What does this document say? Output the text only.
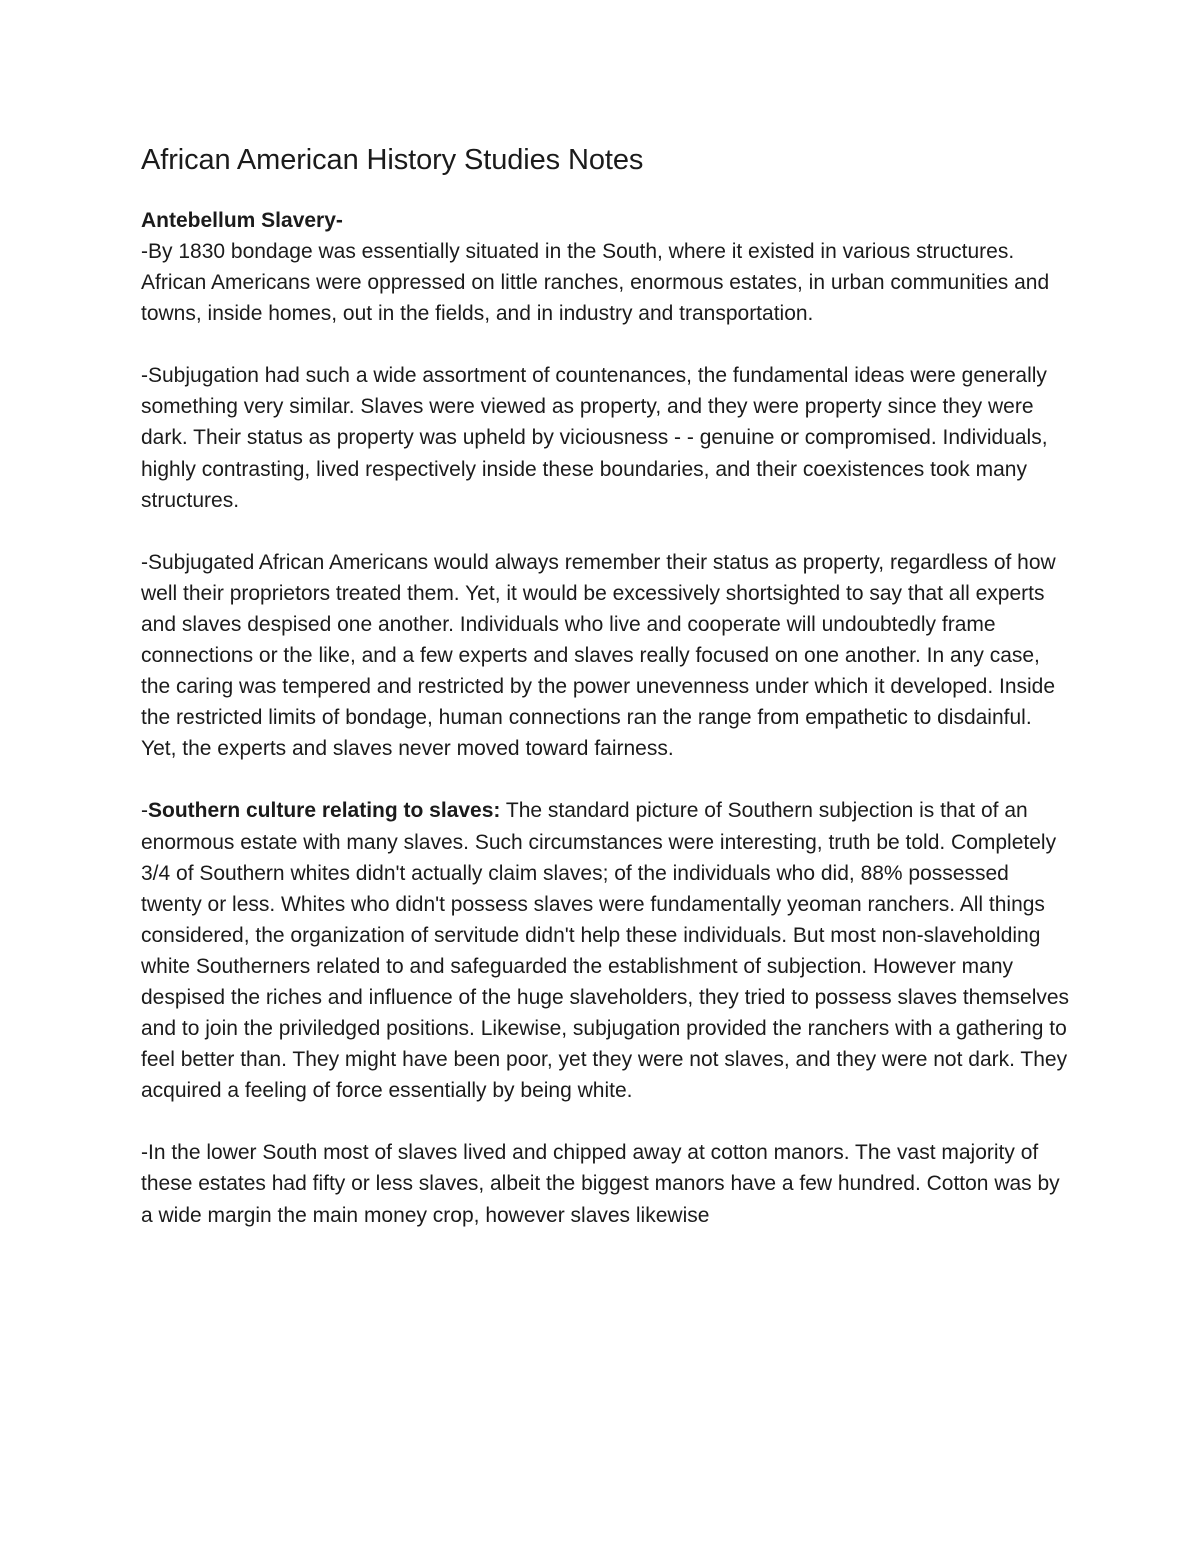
African American History Studies Notes

Antebellum Slavery-

-By 1830 bondage was essentially situated in the South, where it existed in various structures. African Americans were oppressed on little ranches, enormous estates, in urban communities and towns, inside homes, out in the fields, and in industry and transportation.

-Subjugation had such a wide assortment of countenances, the fundamental ideas were generally something very similar. Slaves were viewed as property, and they were property since they were dark. Their status as property was upheld by viciousness - - genuine or compromised. Individuals, highly contrasting, lived respectively inside these boundaries, and their coexistences took many structures.

-Subjugated African Americans would always remember their status as property, regardless of how well their proprietors treated them. Yet, it would be excessively shortsighted to say that all experts and slaves despised one another. Individuals who live and cooperate will undoubtedly frame connections or the like, and a few experts and slaves really focused on one another. In any case, the caring was tempered and restricted by the power unevenness under which it developed. Inside the restricted limits of bondage, human connections ran the range from empathetic to disdainful. Yet, the experts and slaves never moved toward fairness.

-Southern culture relating to slaves: The standard picture of Southern subjection is that of an enormous estate with many slaves. Such circumstances were interesting, truth be told. Completely 3/4 of Southern whites didn't actually claim slaves; of the individuals who did, 88% possessed twenty or less. Whites who didn't possess slaves were fundamentally yeoman ranchers. All things considered, the organization of servitude didn't help these individuals. But most non-slaveholding white Southerners related to and safeguarded the establishment of subjection. However many despised the riches and influence of the huge slaveholders, they tried to possess slaves themselves and to join the priviledged positions. Likewise, subjugation provided the ranchers with a gathering to feel better than. They might have been poor, yet they were not slaves, and they were not dark. They acquired a feeling of force essentially by being white.

-In the lower South most of slaves lived and chipped away at cotton manors. The vast majority of these estates had fifty or less slaves, albeit the biggest manors have a few hundred. Cotton was by a wide margin the main money crop, however slaves likewise
